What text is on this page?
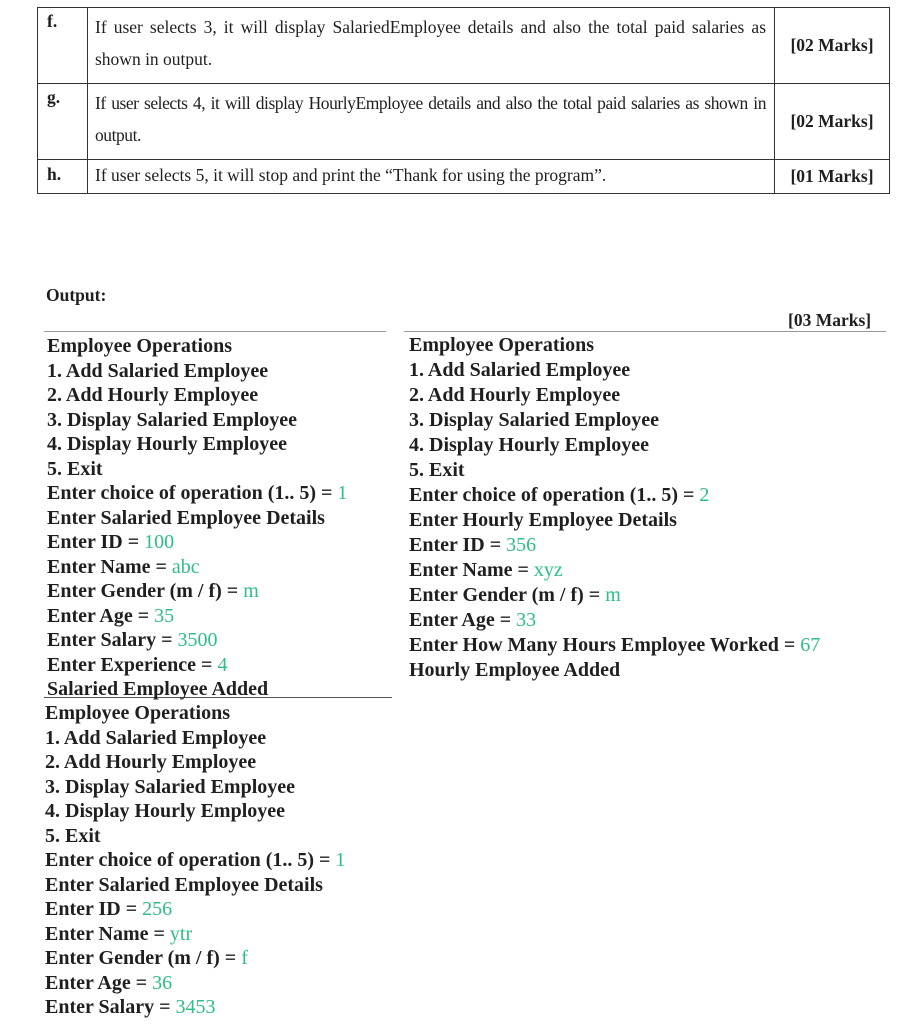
f.	If user selects 3, it will display SalariedEmployee details and also the total paid salaries as shown in output.	[02 Marks]
g.	If user selects 4, it will display HourlyEmployee details and also the total paid salaries as shown in output.	[02 Marks]
h.	If user selects 5, it will stop and print the “Thank for using the program”.	[01 Marks]
Output:
[03 Marks]
Employee Operations
1. Add Salaried Employee
2. Add Hourly Employee
3. Display Salaried Employee
4. Display Hourly Employee
5. Exit
Enter choice of operation (1.. 5) = 1
Enter Salaried Employee Details
Enter ID = 100
Enter Name = abc
Enter Gender (m / f) = m
Enter Age = 35
Enter Salary = 3500
Enter Experience = 4
Salaried Employee Added
Employee Operations
1. Add Salaried Employee
2. Add Hourly Employee
3. Display Salaried Employee
4. Display Hourly Employee
5. Exit
Enter choice of operation (1.. 5) = 2
Enter Hourly Employee Details
Enter ID = 356
Enter Name = xyz
Enter Gender (m / f) = m
Enter Age = 33
Enter How Many Hours Employee Worked = 67
Hourly Employee Added
Employee Operations
1. Add Salaried Employee
2. Add Hourly Employee
3. Display Salaried Employee
4. Display Hourly Employee
5. Exit
Enter choice of operation (1.. 5) = 1
Enter Salaried Employee Details
Enter ID = 256
Enter Name = ytr
Enter Gender (m / f) = f
Enter Age = 36
Enter Salary = 3453
